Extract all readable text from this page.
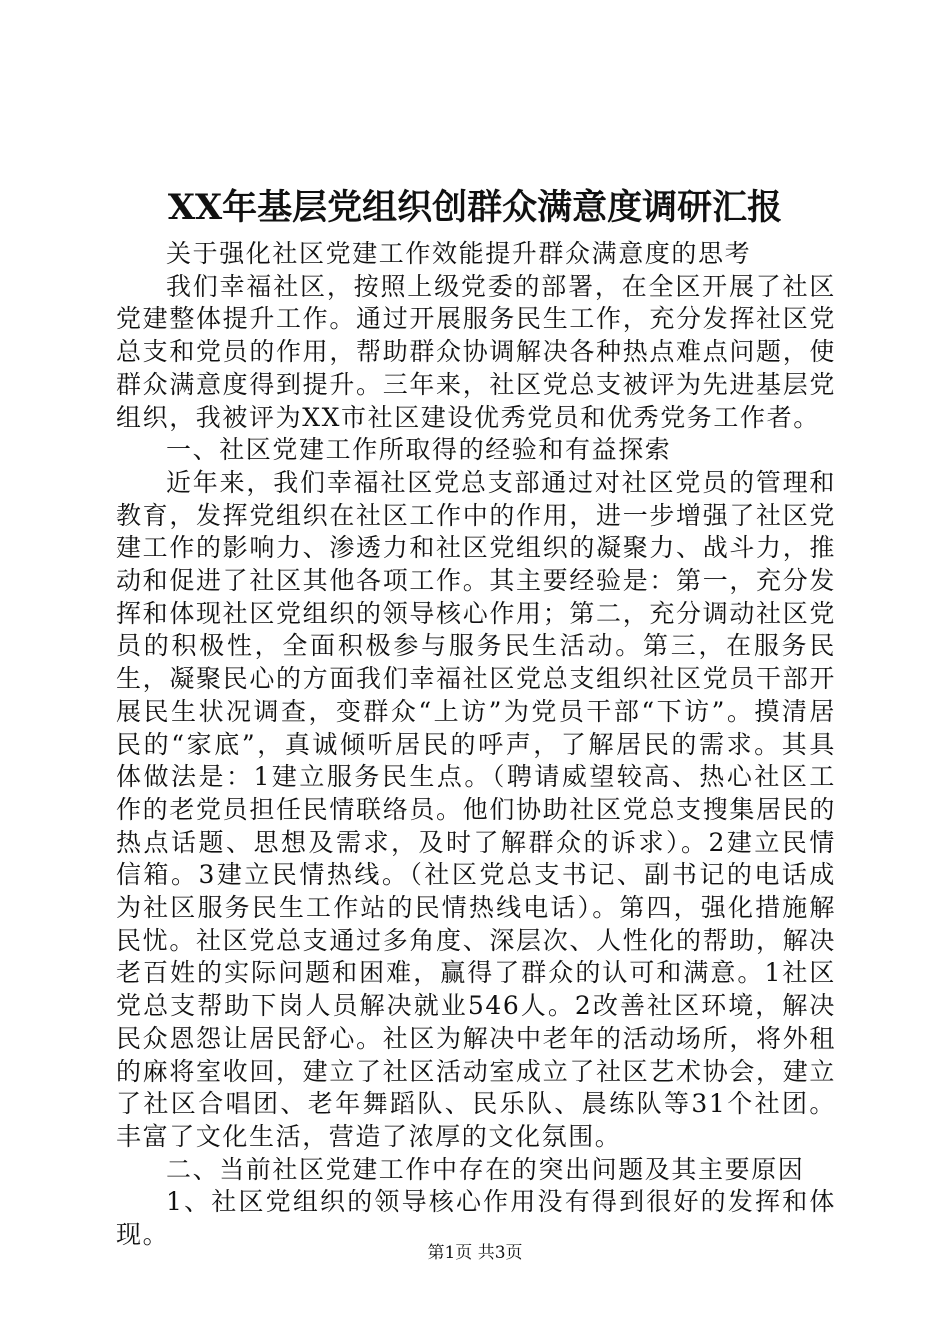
XX年基层党组织创群众满意度调研汇报

关于强化社区党建工作效能提升群众满意度的思考

我们幸福社区，按照上级党委的部署，在全区开展了社区党建整体提升工作。通过开展服务民生工作，充分发挥社区党总支和党员的作用，帮助群众协调解决各种热点难点问题，使群众满意度得到提升。三年来，社区党总支被评为先进基层党组织，我被评为XX市社区建设优秀党员和优秀党务工作者。

一、社区党建工作所取得的经验和有益探索

近年来，我们幸福社区党总支部通过对社区党员的管理和教育，发挥党组织在社区工作中的作用，进一步增强了社区党建工作的影响力、渗透力和社区党组织的凝聚力、战斗力，推动和促进了社区其他各项工作。其主要经验是：第一，充分发挥和体现社区党组织的领导核心作用；第二，充分调动社区党员的积极性，全面积极参与服务民生活动。第三，在服务民生，凝聚民心的方面我们幸福社区党总支组织社区党员干部开展民生状况调查，变群众“上访”为党员干部“下访”。摸清居民的“家底”，真诚倾听居民的呼声，了解居民的需求。其具体做法是：1建立服务民生点。（聘请威望较高、热心社区工作的老党员担任民情联络员。他们协助社区党总支搜集居民的热点话题、思想及需求，及时了解群众的诉求）。2建立民情信箱。3建立民情热线。（社区党总支书记、副书记的电话成为社区服务民生工作站的民情热线电话）。第四，强化措施解民忧。社区党总支通过多角度、深层次、人性化的帮助，解决老百姓的实际问题和困难，赢得了群众的认可和满意。1社区党总支帮助下岗人员解决就业546人。2改善社区环境，解决民众恩怨让居民舒心。社区为解决中老年的活动场所，将外租的麻将室收回，建立了社区活动室成立了社区艺术协会，建立了社区合唱团、老年舞蹈队、民乐队、晨练队等31个社团。丰富了文化生活，营造了浓厚的文化氛围。

二、当前社区党建工作中存在的突出问题及其主要原因

1、社区党组织的领导核心作用没有得到很好的发挥和体现。

第1页 共3页
